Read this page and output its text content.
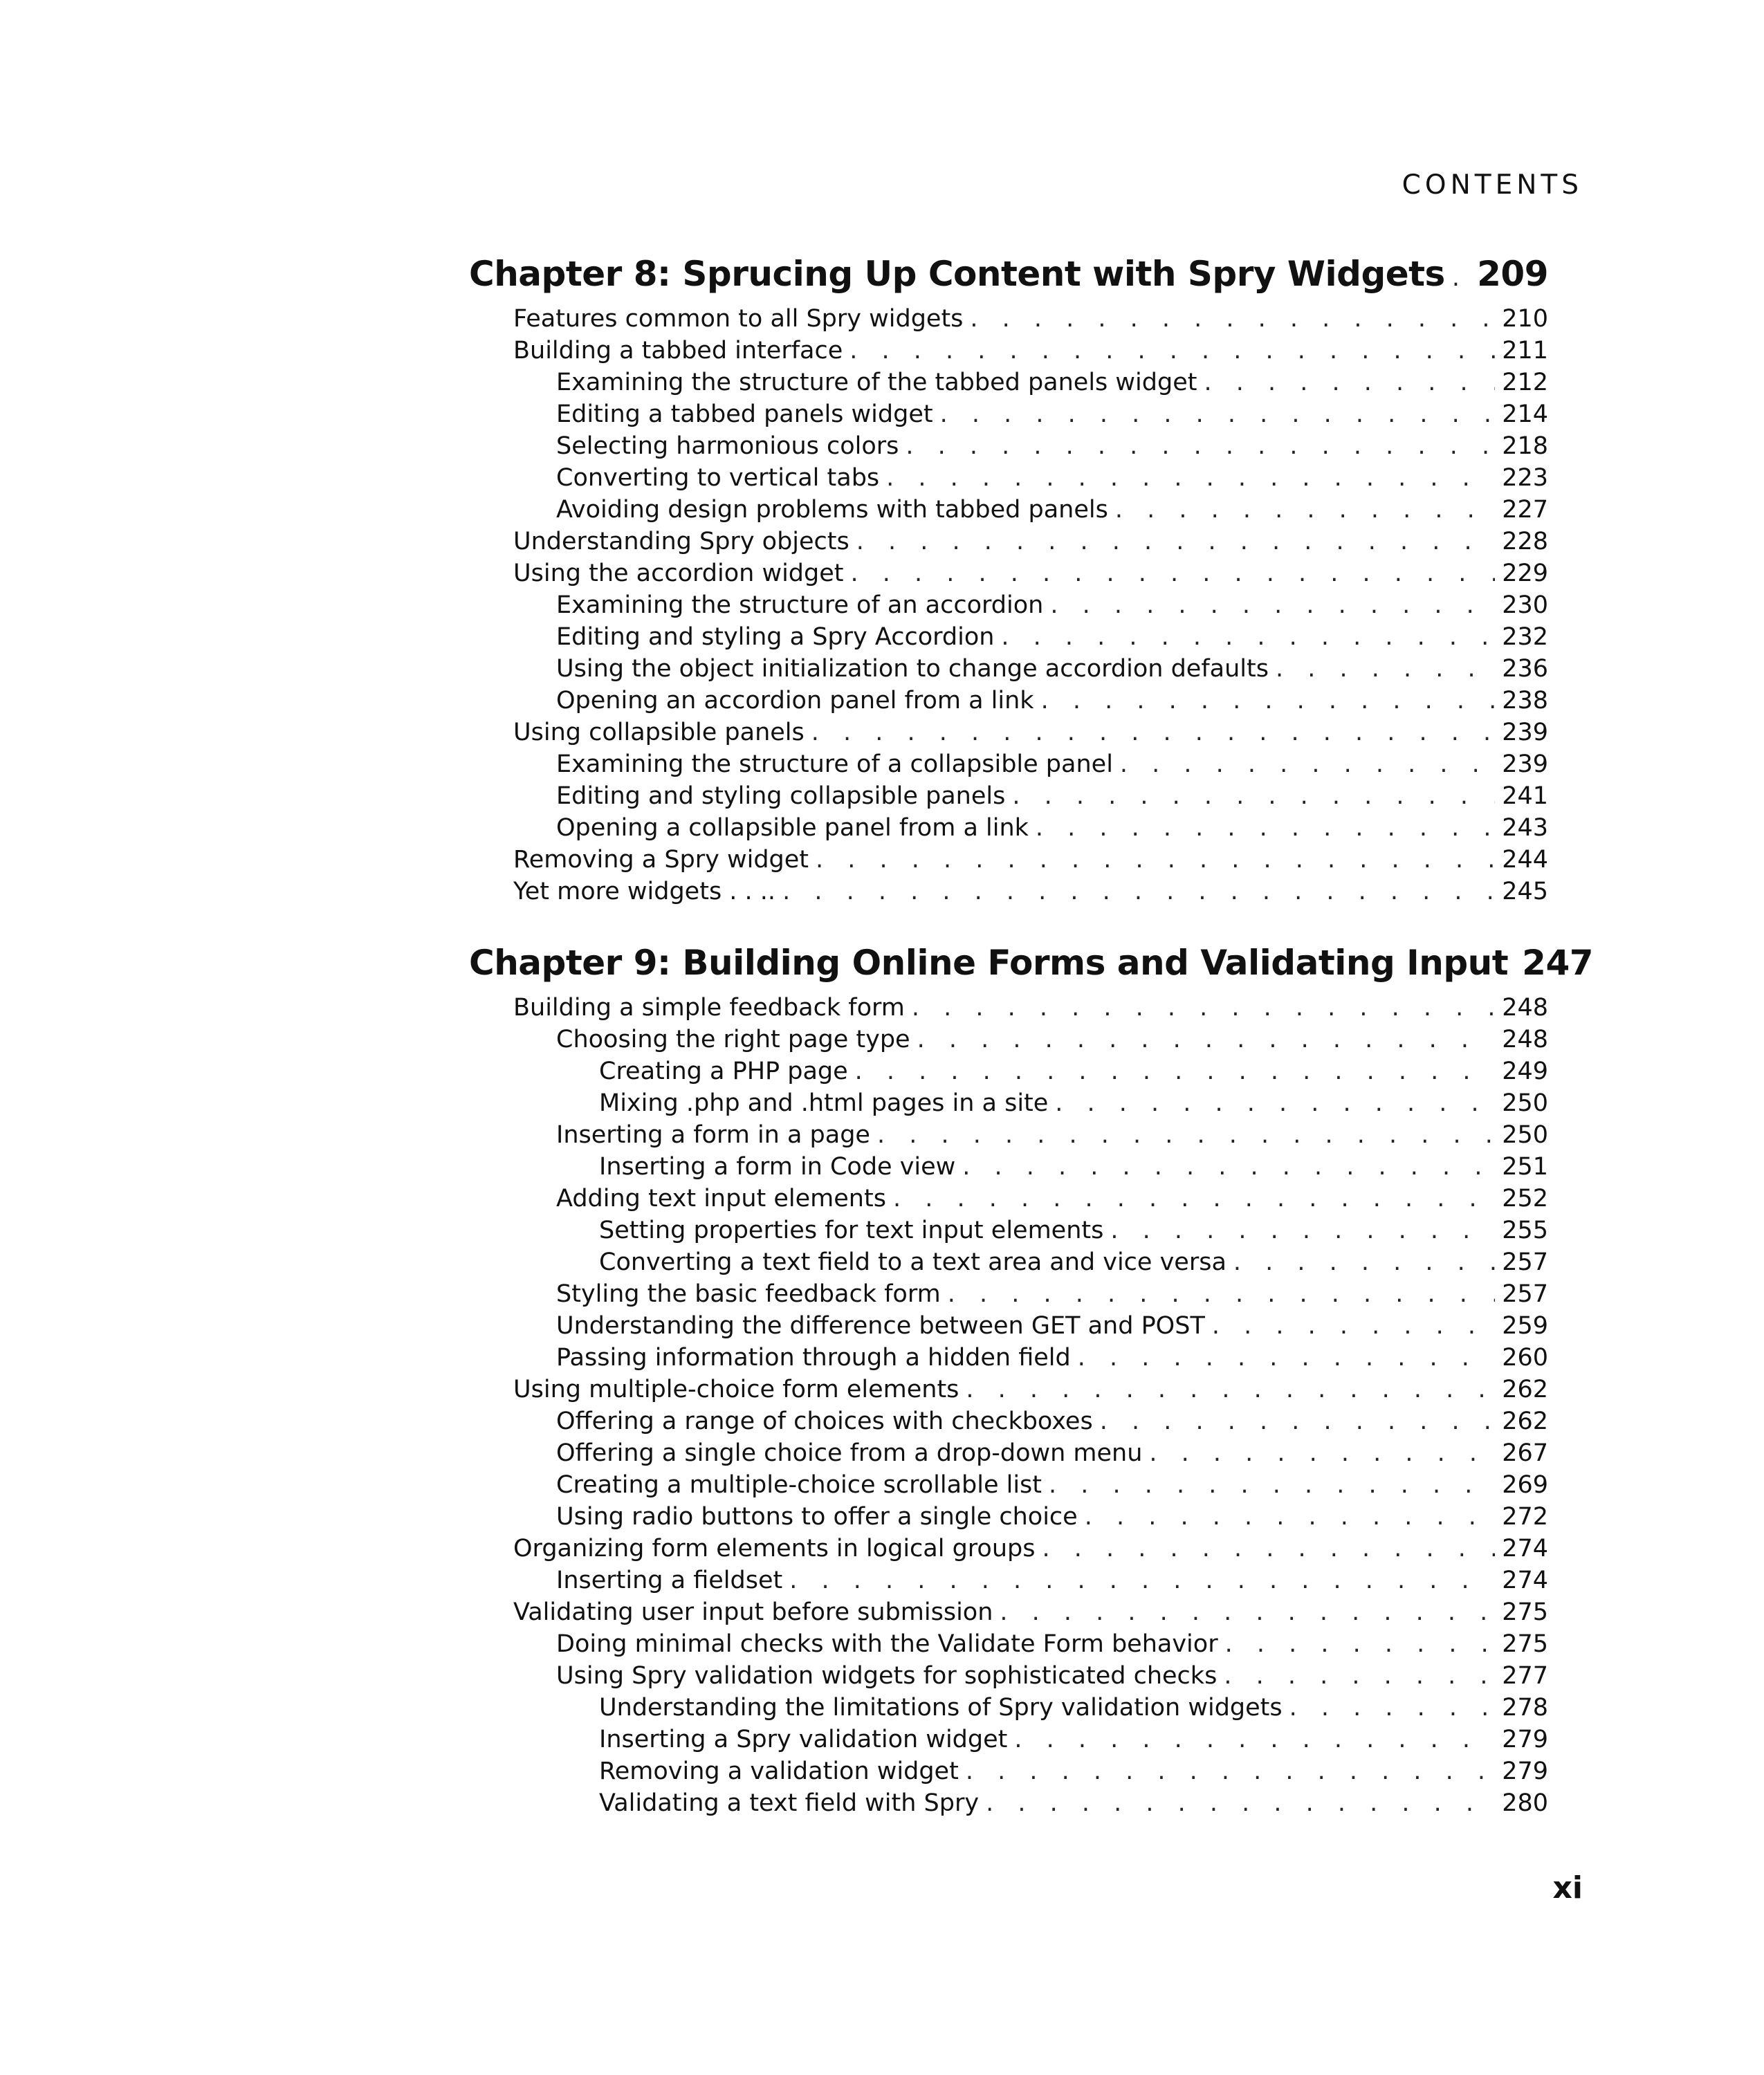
CONTENTS
Chapter 8: Sprucing Up Content with Spry Widgets . . . 209
Features common to all Spry widgets . . .	210
Building a tabbed interface . . .	211
Examining the structure of the tabbed panels widget . . .	212
Editing a tabbed panels widget . . .	214
Selecting harmonious colors . . .	218
Converting to vertical tabs . . .	223
Avoiding design problems with tabbed panels . . .	227
Understanding Spry objects . . .	228
Using the accordion widget . . .	229
Examining the structure of an accordion . . .	230
Editing and styling a Spry Accordion . . .	232
Using the object initialization to change accordion defaults . . .	236
Opening an accordion panel from a link . . .	238
Using collapsible panels . . .	239
Examining the structure of a collapsible panel . . .	239
Editing and styling collapsible panels . . .	241
Opening a collapsible panel from a link . . .	243
Removing a Spry widget . . .	244
Yet more widgets . . .. . . .	245
Chapter 9: Building Online Forms and Validating Input 247
Building a simple feedback form . . .	248
Choosing the right page type . . .	248
Creating a PHP page . . .	249
Mixing .php and .html pages in a site . . .	250
Inserting a form in a page . . .	250
Inserting a form in Code view . . .	251
Adding text input elements . . .	252
Setting properties for text input elements . . .	255
Converting a text field to a text area and vice versa . . .	257
Styling the basic feedback form . . .	257
Understanding the difference between GET and POST . . .	259
Passing information through a hidden field . . .	260
Using multiple-choice form elements . . .	262
Offering a range of choices with checkboxes . . .	262
Offering a single choice from a drop-down menu . . .	267
Creating a multiple-choice scrollable list . . .	269
Using radio buttons to offer a single choice . . .	272
Organizing form elements in logical groups . . .	274
Inserting a fieldset . . .	274
Validating user input before submission . . .	275
Doing minimal checks with the Validate Form behavior . . .	275
Using Spry validation widgets for sophisticated checks . . .	277
Understanding the limitations of Spry validation widgets . . .	278
Inserting a Spry validation widget . . .	279
Removing a validation widget . . .	279
Validating a text field with Spry . . .	280
xi
